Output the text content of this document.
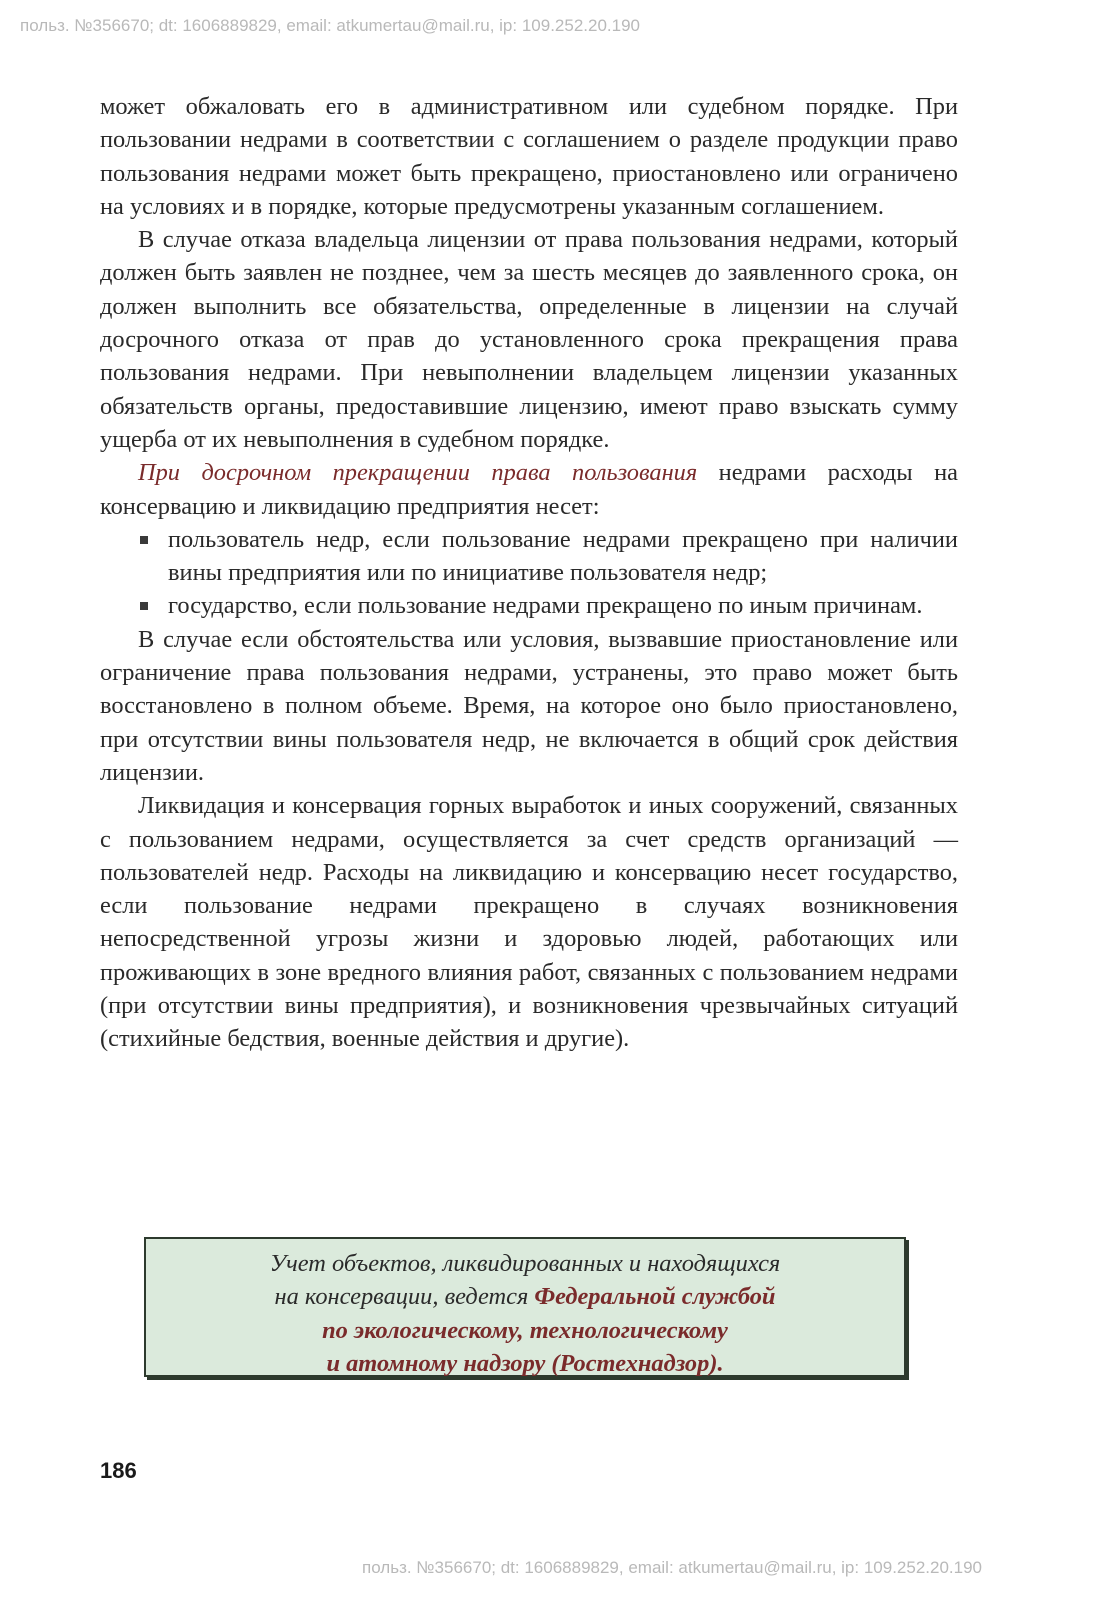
польз. №356670; dt: 1606889829, email: atkumertau@mail.ru, ip: 109.252.20.190

может обжаловать его в административном или судебном порядке. При пользовании недрами в соответствии с соглашением о разделе продукции право пользования недрами может быть прекращено, приостановлено или ограничено на условиях и в порядке, которые предусмотрены указанным соглашением.

В случае отказа владельца лицензии от права пользования недрами, который должен быть заявлен не позднее, чем за шесть месяцев до заявленного срока, он должен выполнить все обязательства, определенные в лицензии на случай досрочного отказа от прав до установленного срока прекращения права пользования недрами. При невыполнении владельцем лицензии указанных обязательств органы, предоставившие лицензию, имеют право взыскать сумму ущерба от их невыполнения в судебном порядке.

При досрочном прекращении права пользования недрами расходы на консервацию и ликвидацию предприятия несет:

пользователь недр, если пользование недрами прекращено при наличии вины предприятия или по инициативе пользователя недр;
государство, если пользование недрами прекращено по иным причинам.

В случае если обстоятельства или условия, вызвавшие приостановление или ограничение права пользования недрами, устранены, это право может быть восстановлено в полном объеме. Время, на которое оно было приостановлено, при отсутствии вины пользователя недр, не включается в общий срок действия лицензии.

Ликвидация и консервация горных выработок и иных сооружений, связанных с пользованием недрами, осуществляется за счет средств организаций — пользователей недр. Расходы на ликвидацию и консервацию несет государство, если пользование недрами прекращено в случаях возникновения непосредственной угрозы жизни и здоровью людей, работающих или проживающих в зоне вредного влияния работ, связанных с пользованием недрами (при отсутствии вины предприятия), и возникновения чрезвычайных ситуаций (стихийные бедствия, военные действия и другие).

Учет объектов, ликвидированных и находящихся
на консервации, ведется Федеральной службой
по экологическому, технологическому
и атомному надзору (Ростехнадзор).
186
польз. №356670; dt: 1606889829, email: atkumertau@mail.ru, ip: 109.252.20.190
